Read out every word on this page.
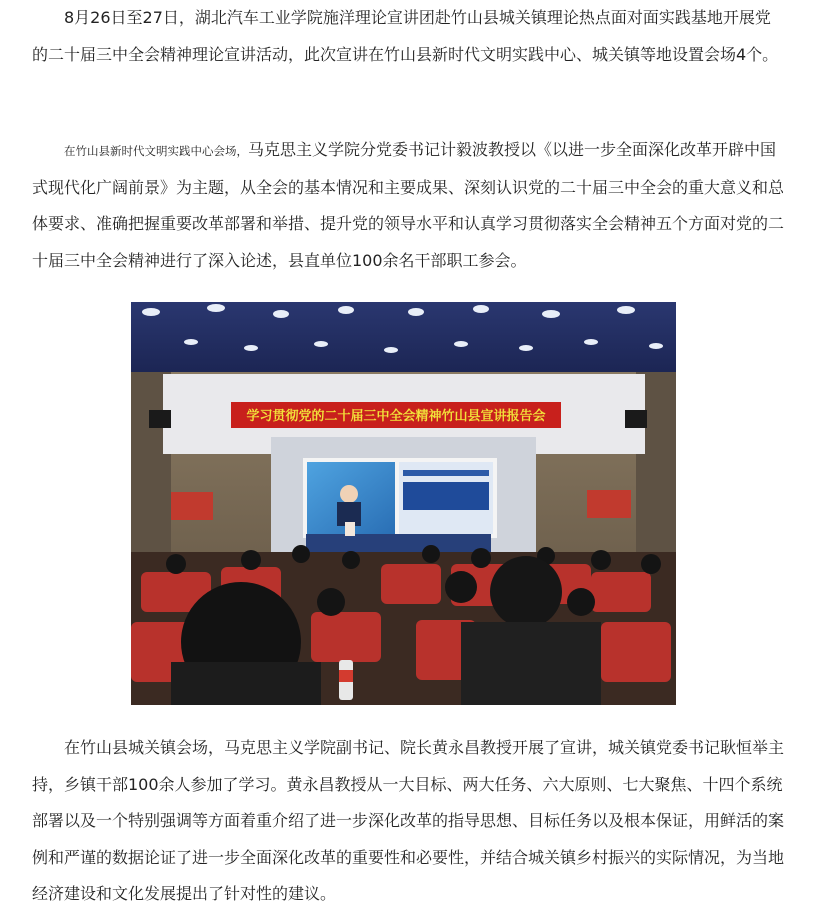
8月26日至27日，湖北汽车工业学院施洋理论宣讲团赴竹山县城关镇理论热点面对面实践基地开展党的二十届三中全会精神理论宣讲活动，此次宣讲在竹山县新时代文明实践中心、城关镇等地设置会场4个。

在竹山县新时代文明实践中心会场，马克思主义学院分党委书记计毅波教授以《以进一步全面深化改革开辟中国式现代化广阔前景》为主题，从全会的基本情况和主要成果、深刻认识党的二十届三中全会的重大意义和总体要求、准确把握重要改革部署和举措、提升党的领导水平和认真学习贯彻落实全会精神五个方面对党的二十届三中全会精神进行了深入论述，县直单位100余名干部职工参会。

学习贯彻党的二十届三中全会精神竹山县宣讲报告会

在竹山县城关镇会场，马克思主义学院副书记、院长黄永昌教授开展了宣讲，城关镇党委书记耿恒举主持，乡镇干部100余人参加了学习。黄永昌教授从一大目标、两大任务、六大原则、七大聚焦、十四个系统部署以及一个特别强调等方面着重介绍了进一步深化改革的指导思想、目标任务以及根本保证，用鲜活的案例和严谨的数据论证了进一步全面深化改革的重要性和必要性，并结合城关镇乡村振兴的实际情况，为当地经济建设和文化发展提出了针对性的建议。
